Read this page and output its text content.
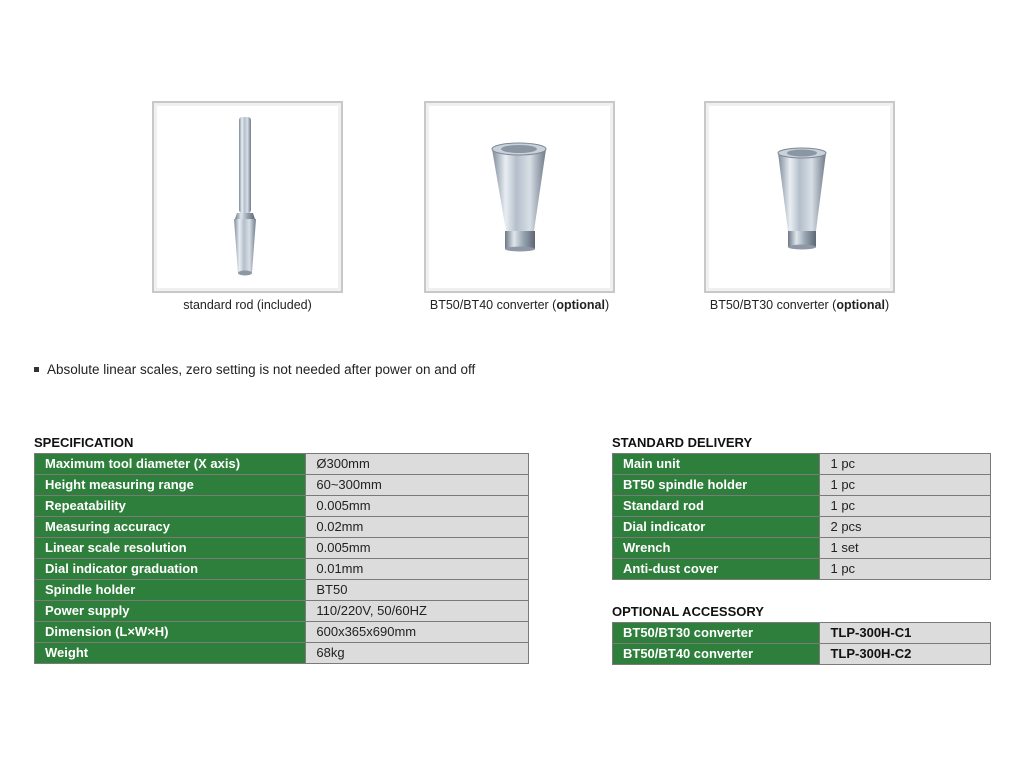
standard rod (included)	BT50/BT40 converter (optional)	BT50/BT30 converter (optional)
Absolute linear scales, zero setting is not needed after power on and off
SPECIFICATION
Maximum tool diameter (X axis)	Ø300mm
Height measuring range	60~300mm
Repeatability	0.005mm
Measuring accuracy	0.02mm
Linear scale resolution	0.005mm
Dial indicator graduation	0.01mm
Spindle holder	BT50
Power supply	110/220V, 50/60HZ
Dimension (L×W×H)	600x365x690mm
Weight	68kg
STANDARD DELIVERY
Main unit	1 pc
BT50 spindle holder	1 pc
Standard rod	1 pc
Dial indicator	2 pcs
Wrench	1 set
Anti-dust cover	1 pc
OPTIONAL ACCESSORY
BT50/BT30 converter	TLP-300H-C1
BT50/BT40 converter	TLP-300H-C2
